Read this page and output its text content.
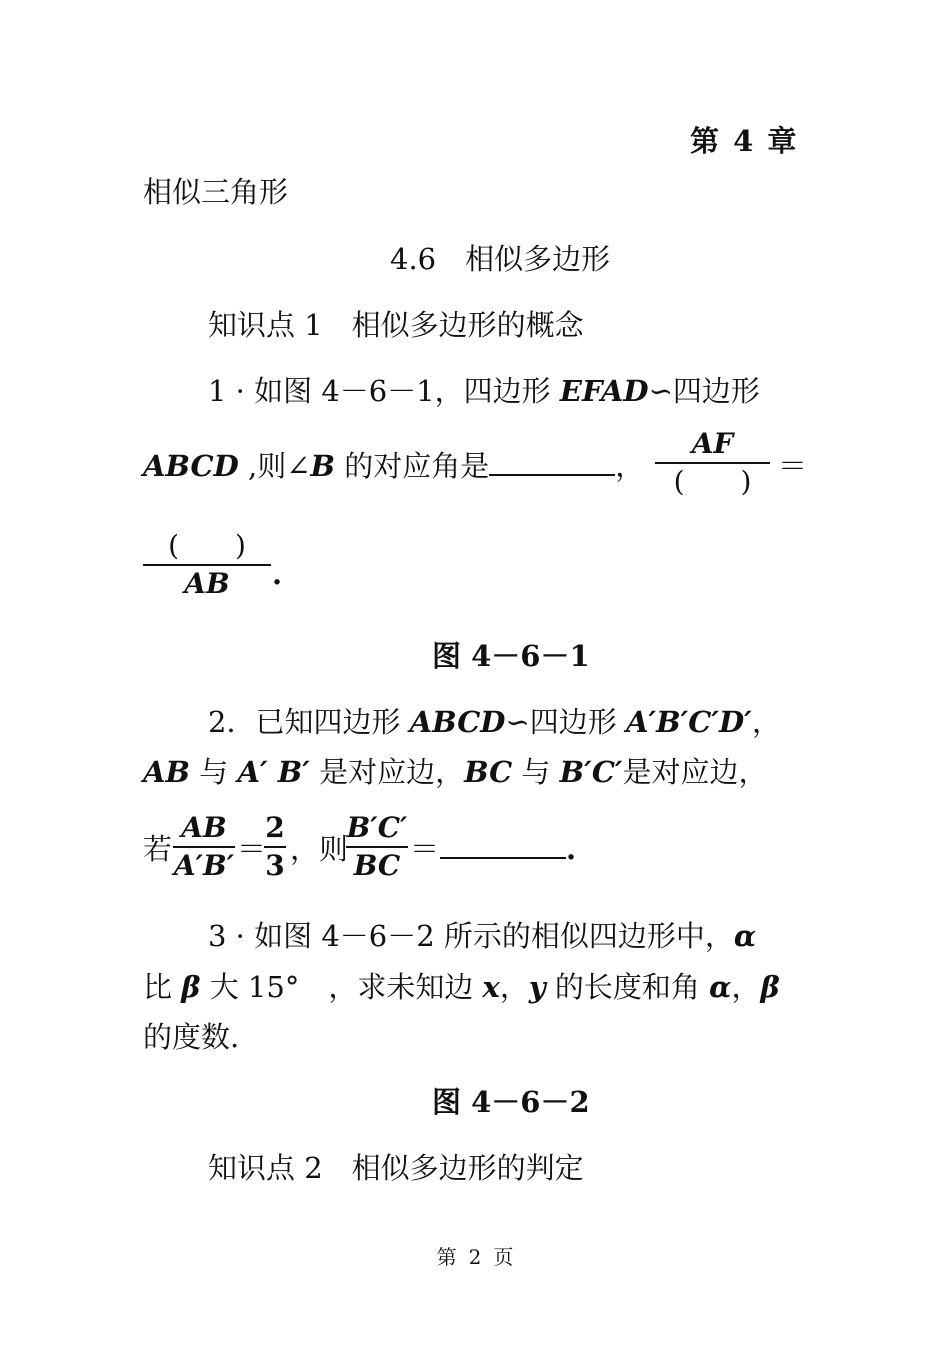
第 4 章
相似三角形
4.6　相似多边形
知识点 1　相似多边形的概念
1 · 如图 4－6－1，四边形 EFAD∽四边形
ABCD ,则∠B 的对应角是	，
AF
(  ) ＝
(  )
AB	.
图 4－6－1
2．已知四边形 ABCD∽四边形 A′B′C′D′，
AB 与 A′ B′ 是对应边，BC 与 B′C′是对应边，
若
AB
A′B′ ＝
2
3 ，则
B′C′
BC ＝	.
3 · 如图 4－6－2 所示的相似四边形中，α
比 β 大 15° ，求未知边 x，y 的长度和角 α，β
的度数.
图 4－6－2
知识点 2　相似多边形的判定
第 2 页
